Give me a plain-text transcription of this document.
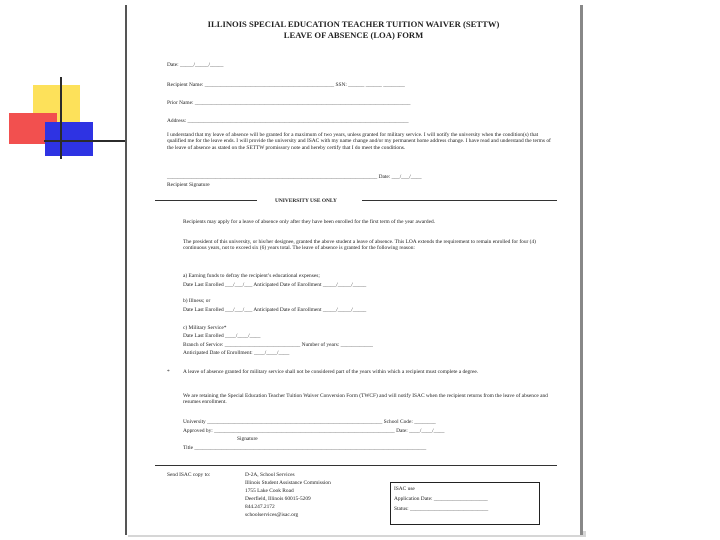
ILLINOIS SPECIAL EDUCATION TEACHER TUITION WAIVER (SETTW)
LEAVE OF ABSENCE (LOA) FORM
Date: _____/_____/_____
Recipient Name: ________________________________________________ SSN: ______ ______ ________
Prior Name: ________________________________________________________________________________
Address: __________________________________________________________________________________
I understand that my leave of absence will be granted for a maximum of two years, unless granted for military service. I will notify the university when the condition(s) that qualified me for the leave ends. I will provide the university and ISAC with my name change and/or my permanent home address change. I have read and understand the terms of the leave of absence as stated on the SETTW promissory note and hereby certify that I do meet the conditions.
______________________________________________________________________________ Date: ___/___/____
Recipient Signature
UNIVERSITY USE ONLY
Recipients may apply for a leave of absence only after they have been enrolled for the first term of the year awarded.
The president of this university, or his/her designee, granted the above student a leave of absence. This LOA extends the requirement to remain enrolled for four (4) continuous years, not to exceed six (6) years total. The leave of absence is granted for the following reason:
a) Earning funds to defray the recipient’s educational expenses;
Date Last Enrolled ___/___/___ Anticipated Date of Enrollment _____/_____/_____
b) Illness; or
Date Last Enrolled ___/___/___ Anticipated Date of Enrollment _____/_____/_____
c) Military Service*
Date Last Enrolled ____/____/____
Branch of Service: ____________________________ Number of years: ____________
Anticipated Date of Enrollment: ____/____/____
* A leave of absence granted for military service shall not be considered part of the years within which a recipient must complete a degree.
We are retaining the Special Education Teacher Tuition Waiver Conversion Form (TWCF) and will notify ISAC when the recipient returns from the leave of absence and resumes enrollment.
University _________________________________________________________________ School Code: ________
Approved by: ___________________________________________________________________ Date: ____/____/____
Signature
Title ______________________________________________________________________________________
Send ISAC copy to:	D-2A, School Services
Illinois Student Assistance Commission
1755 Lake Cook Road
Deerfield, Illinois 60015-5209
844.247.2172
schoolservices@isac.org
ISAC use
Application Date: ____________________
Status: _____________________________
